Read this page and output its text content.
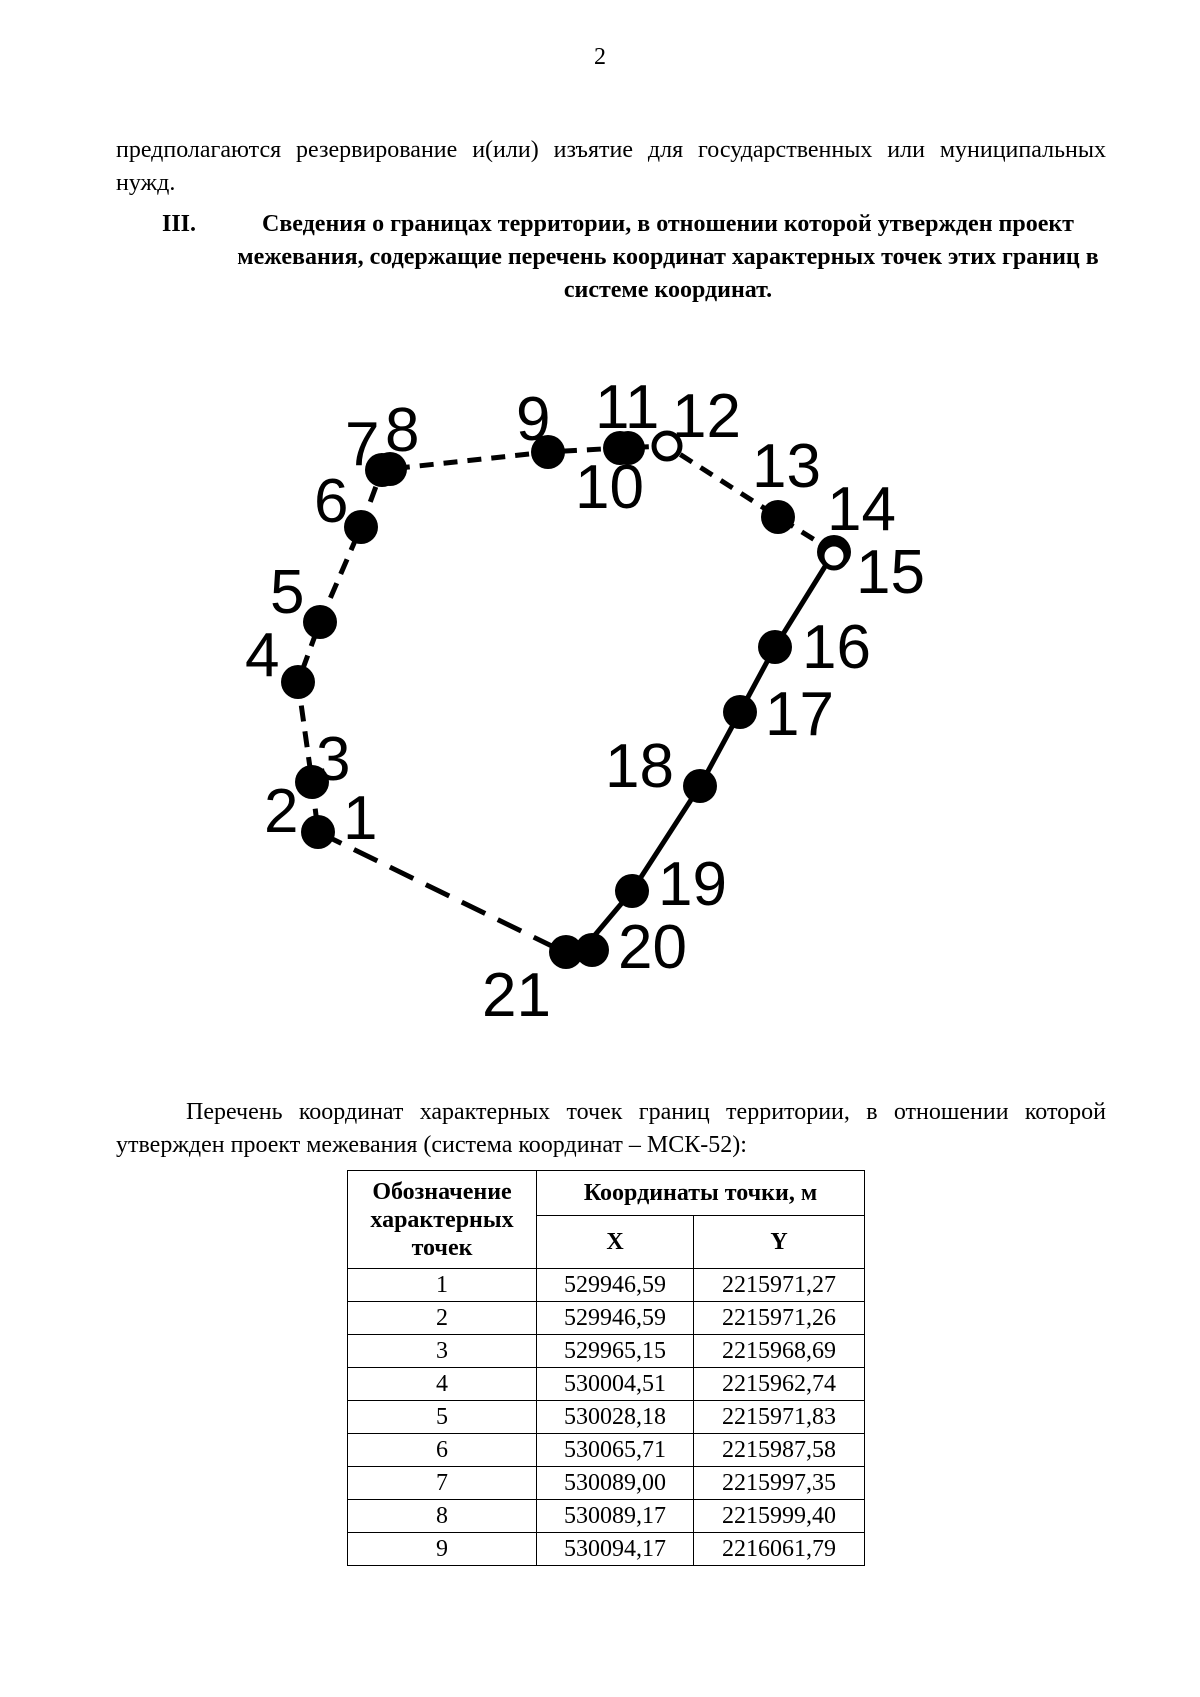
2

предполагаются резервирование и(или) изъятие для государственных или муниципальных нужд.

III.	Сведения о границах территории, в отношении которой утвержден проект межевания, содержащие перечень координат характерных точек этих границ в системе координат.
1
2
3
4
5
6
7 8 9
10
11 12
13
14
15
16
17
18
19
20
21

Перечень координат характерных точек границ территории, в отношении которой утвержден проект межевания (система координат – МСК-52):

Обозначение характерных точек	Координаты точки, м	
	X	Y
1	529946,59	2215971,27
2	529946,59	2215971,26
3	529965,15	2215968,69
4	530004,51	2215962,74
5	530028,18	2215971,83
6	530065,71	2215987,58
7	530089,00	2215997,35
8	530089,17	2215999,40
9	530094,17	2216061,79
